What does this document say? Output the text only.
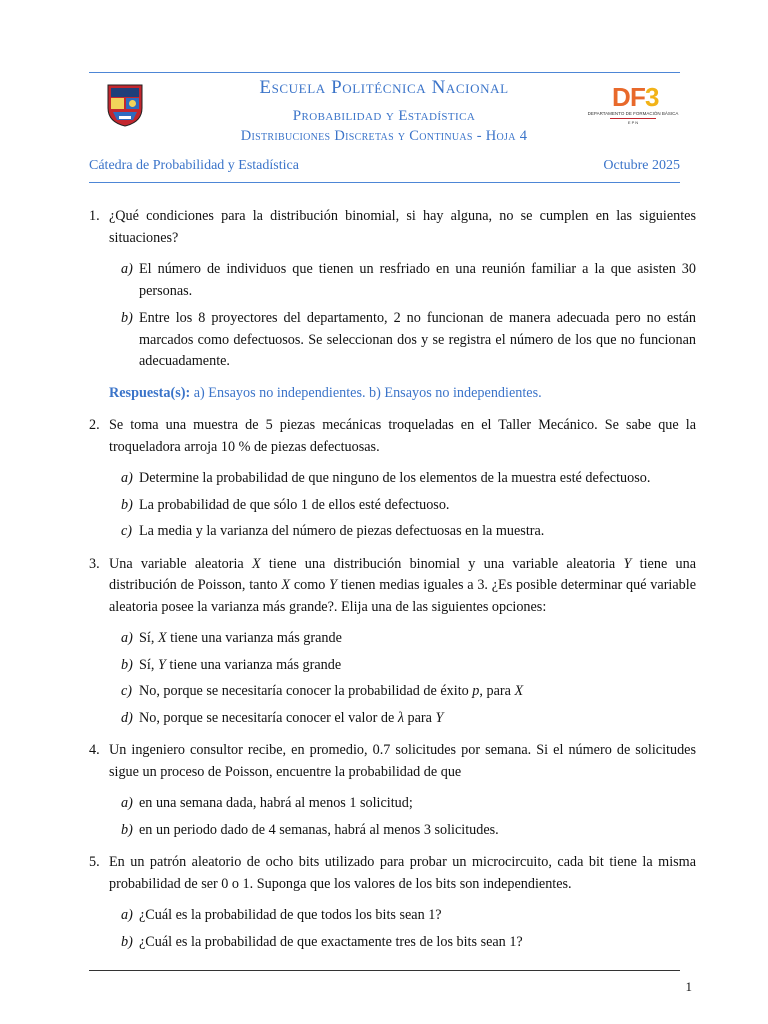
Escuela Politécnica Nacional
Probabilidad y Estadística
Distribuciones Discretas y Continuas - Hoja 4
D F 3
DEPARTAMENTO DE FORMACIÓN BÁSICA
E P N
Cátedra de Probabilidad y Estadística	Octubre 2025
1. ¿Qué condiciones para la distribución binomial, si hay alguna, no se cumplen en las siguientes situaciones?
a) El número de individuos que tienen un resfriado en una reunión familiar a la que asisten 30 personas.
b) Entre los 8 proyectores del departamento, 2 no funcionan de manera adecuada pero no están marcados como defectuosos. Se seleccionan dos y se registra el número de los que no funcionan adecuadamente.
Respuesta(s): a) Ensayos no independientes. b) Ensayos no independientes.
2. Se toma una muestra de 5 piezas mecánicas troqueladas en el Taller Mecánico. Se sabe que la troqueladora arroja 10 % de piezas defectuosas.
a) Determine la probabilidad de que ninguno de los elementos de la muestra esté defectuoso.
b) La probabilidad de que sólo 1 de ellos esté defectuoso.
c) La media y la varianza del número de piezas defectuosas en la muestra.
3. Una variable aleatoria X tiene una distribución binomial y una variable aleatoria Y tiene una distribución de Poisson, tanto X como Y tienen medias iguales a 3. ¿Es posible determinar qué variable aleatoria posee la varianza más grande?. Elija una de las siguientes opciones:
a) Sí, X tiene una varianza más grande
b) Sí, Y tiene una varianza más grande
c) No, porque se necesitaría conocer la probabilidad de éxito p, para X
d) No, porque se necesitaría conocer el valor de λ para Y
4. Un ingeniero consultor recibe, en promedio, 0.7 solicitudes por semana. Si el número de solicitudes sigue un proceso de Poisson, encuentre la probabilidad de que
a) en una semana dada, habrá al menos 1 solicitud;
b) en un periodo dado de 4 semanas, habrá al menos 3 solicitudes.
5. En un patrón aleatorio de ocho bits utilizado para probar un microcircuito, cada bit tiene la misma probabilidad de ser 0 o 1. Suponga que los valores de los bits son independientes.
a) ¿Cuál es la probabilidad de que todos los bits sean 1?
b) ¿Cuál es la probabilidad de que exactamente tres de los bits sean 1?
1
